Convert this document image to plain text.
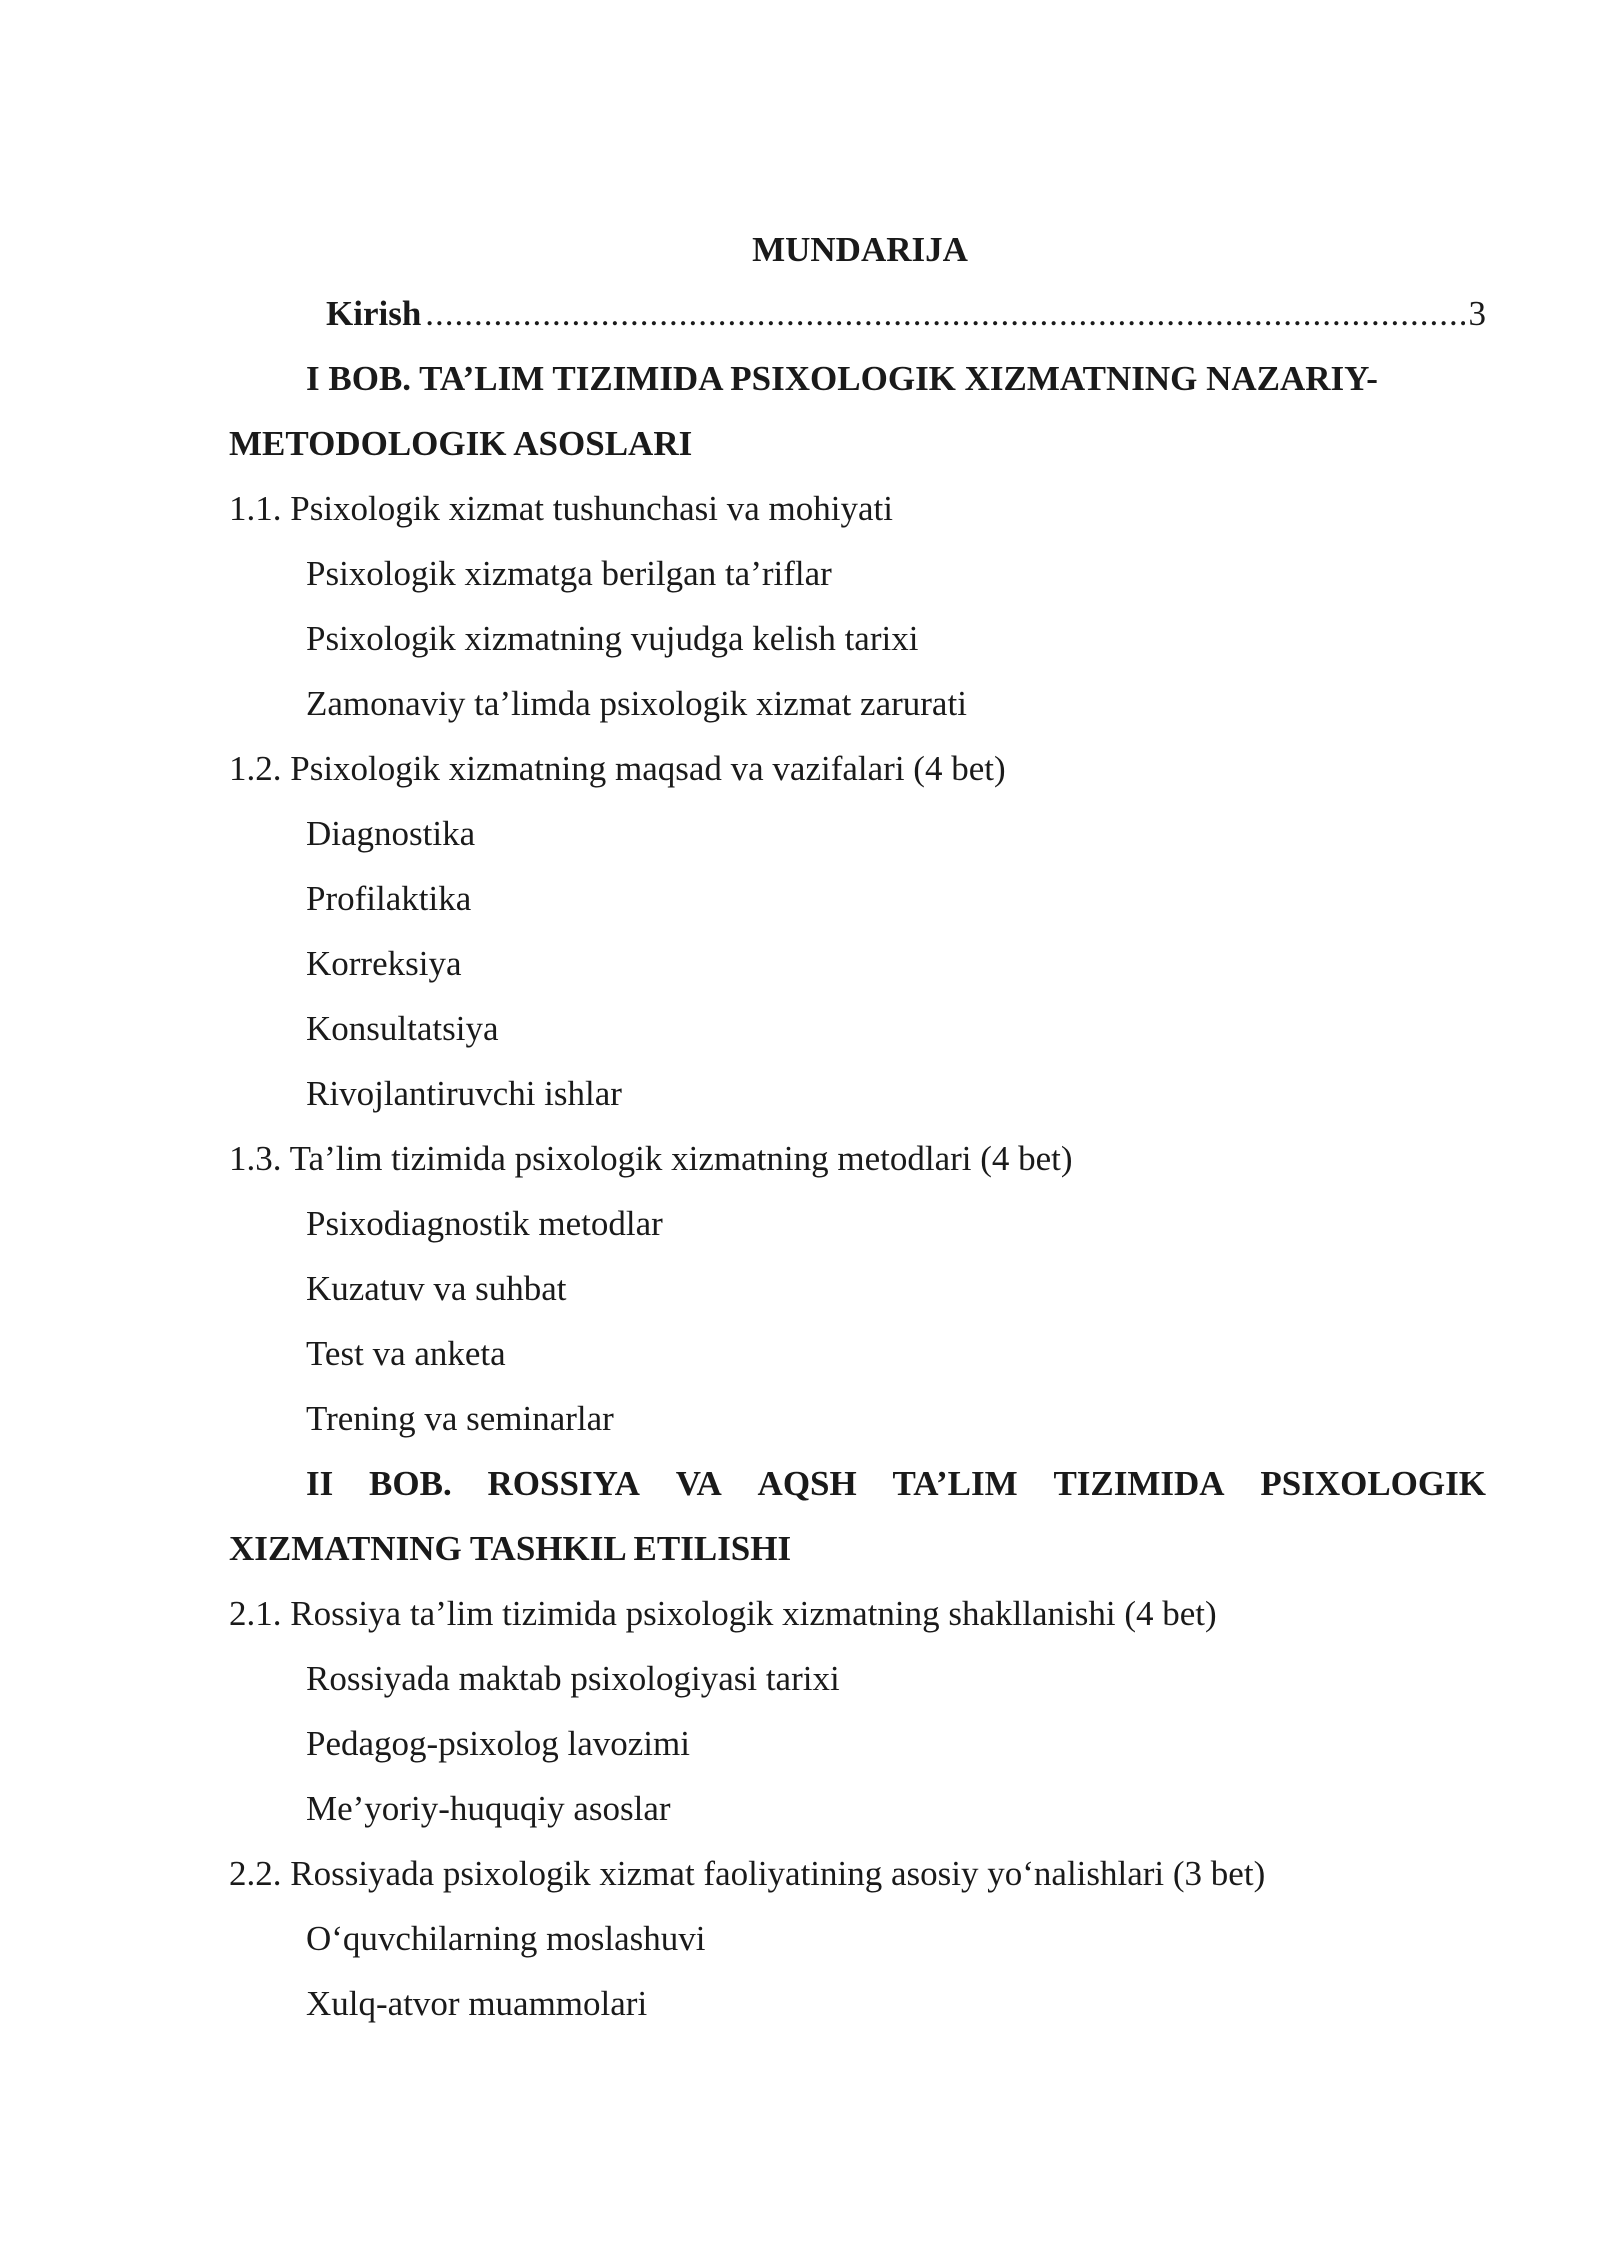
MUNDARIJA
Kirish
.....	3
I BOB. TA’LIM TIZIMIDA PSIXOLOGIK XIZMATNING NAZARIY-
METODOLOGIK ASOSLARI
1.1. Psixologik xizmat tushunchasi va mohiyati
Psixologik xizmatga berilgan ta’riflar
Psixologik xizmatning vujudga kelish tarixi
Zamonaviy ta’limda psixologik xizmat zarurati
1.2. Psixologik xizmatning maqsad va vazifalari (4 bet)
Diagnostika
Profilaktika
Korreksiya
Konsultatsiya
Rivojlantiruvchi ishlar
1.3. Ta’lim tizimida psixologik xizmatning metodlari (4 bet)
Psixodiagnostik metodlar
Kuzatuv va suhbat
Test va anketa
Trening va seminarlar
II BOB. ROSSIYA VA AQSH TA’LIM TIZIMIDA PSIXOLOGIK
XIZMATNING TASHKIL ETILISHI
2.1. Rossiya ta’lim tizimida psixologik xizmatning shakllanishi (4 bet)
Rossiyada maktab psixologiyasi tarixi
Pedagog-psixolog lavozimi
Me’yoriy-huquqiy asoslar
2.2. Rossiyada psixologik xizmat faoliyatining asosiy yo‘nalishlari (3 bet)
O‘quvchilarning moslashuvi
Xulq-atvor muammolari
